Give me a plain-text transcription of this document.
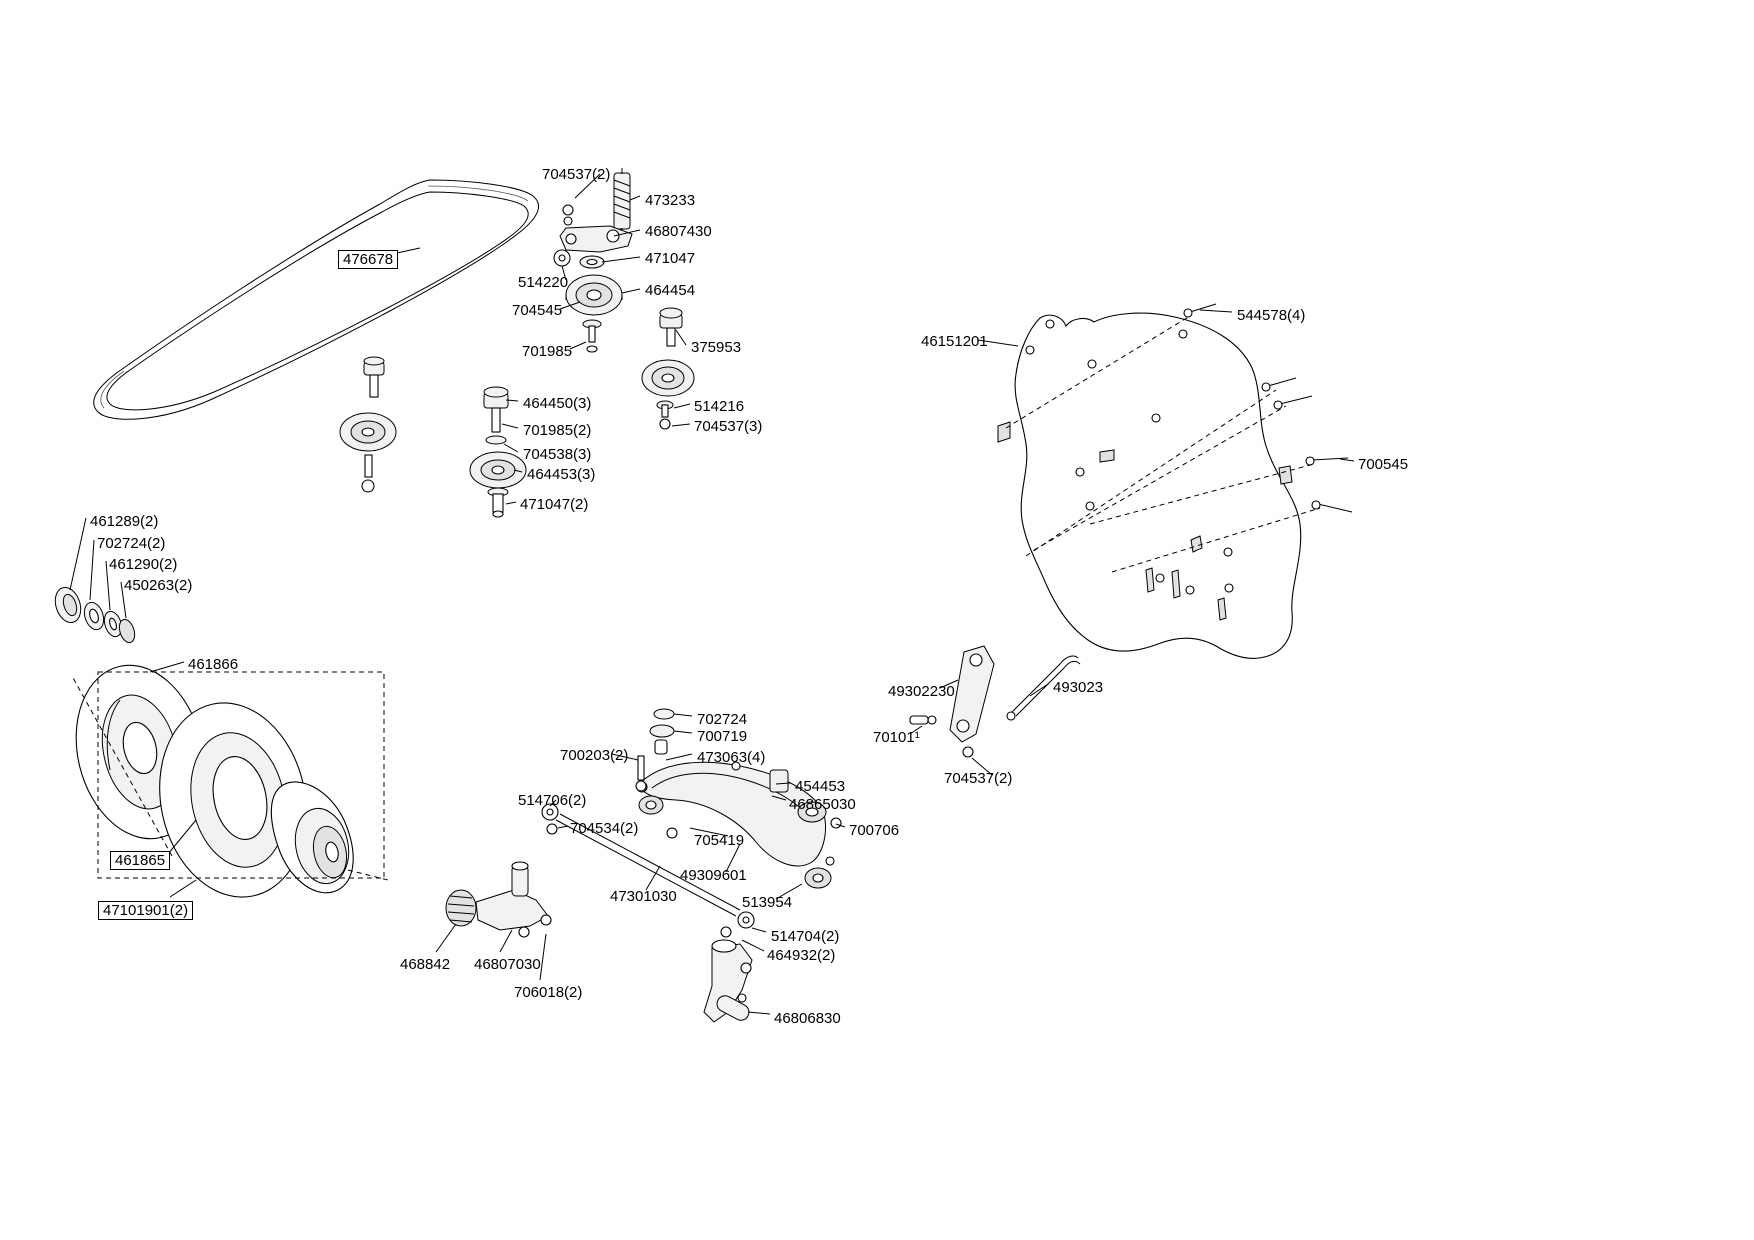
704537(2)
473233
46807430
471047
514220	464454
704545
701985	375953
476678
464450(3)
701985(2)
704538(3)
464453(3)
471047(2)
514216
704537(3)
461289(2)
702724(2)
461290(2)
450263(2)
461866
461865
47101901(2)
468842 46807030
706018(2)
514706(2)
704534(2)
47301030
700203(2)
702724
700719
473063(4)
454453
46865030
705419
700706
49309601
513954
514704(2)
464932(2)
46806830
46151201
544578(4)
700545
49302230	493023
70101¹
704537(2)
